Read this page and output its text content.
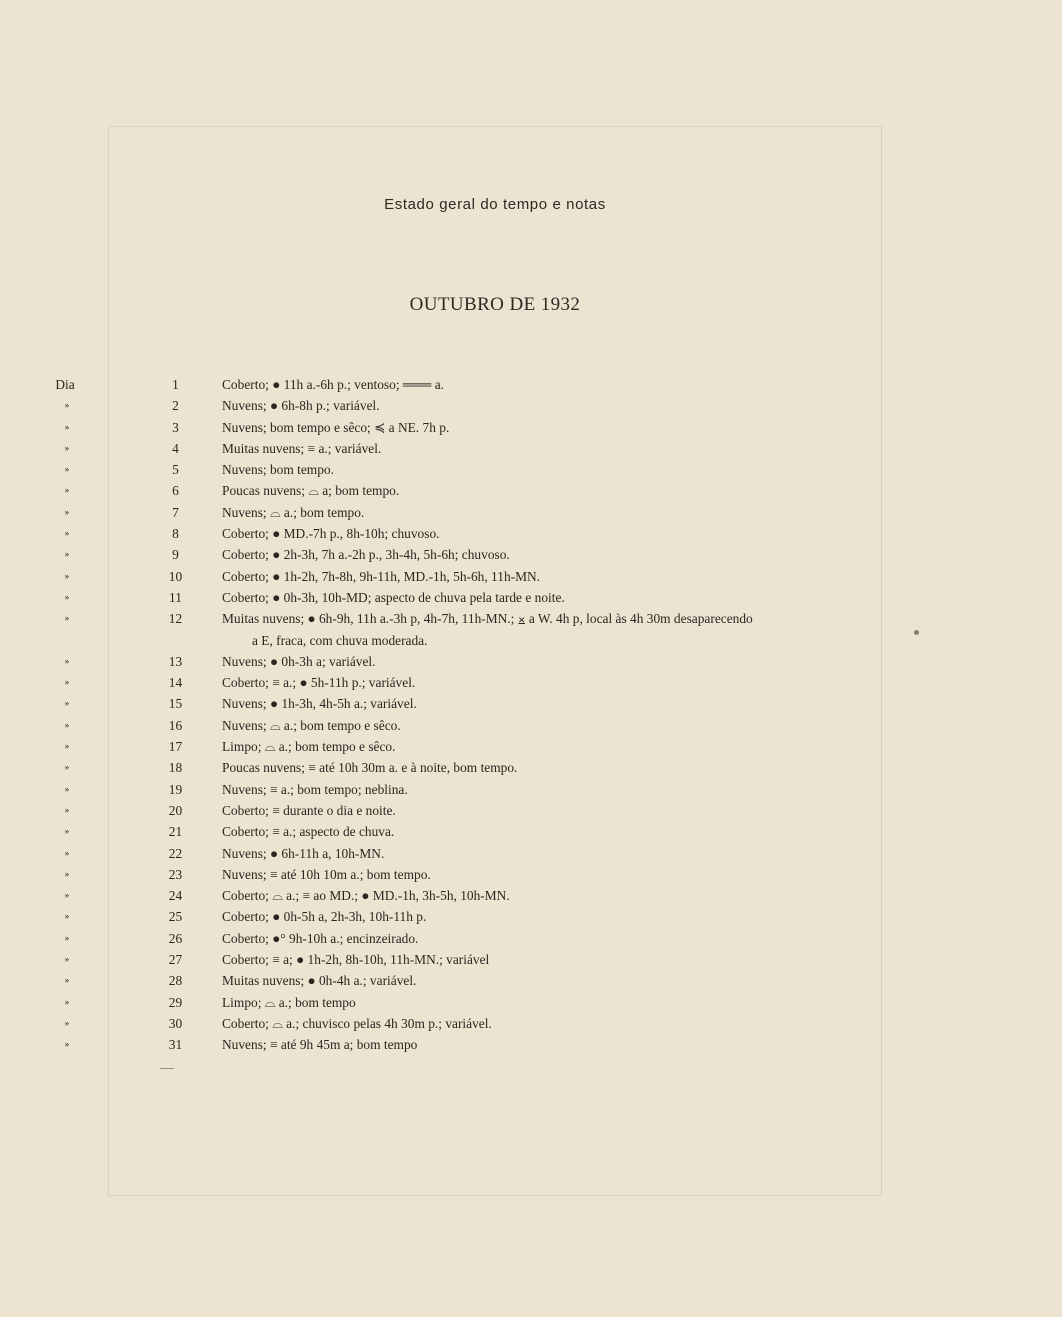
Estado geral do tempo e notas
OUTUBRO DE 1932
Dia	1	Coberto; ● 11h a.-6h p.; ventoso; ═══ a.
»	2	Nuvens; ● 6h-8h p.; variável.
»	3	Nuvens; bom tempo e sêco; ≼ a NE. 7h p.
»	4	Muitas nuvens; ≡ a.; variável.
»	5	Nuvens; bom tempo.
»	6	Poucas nuvens; ⌓ a; bom tempo.
»	7	Nuvens; ⌓ a.; bom tempo.
»	8	Coberto; ● MD.-7h p., 8h-10h; chuvoso.
»	9	Coberto; ● 2h-3h, 7h a.-2h p., 3h-4h, 5h-6h; chuvoso.
»	10	Coberto; ● 1h-2h, 7h-8h, 9h-11h, MD.-1h, 5h-6h, 11h-MN.
»	11	Coberto; ● 0h-3h, 10h-MD; aspecto de chuva pela tarde e noite.
»	12	Muitas nuvens; ● 6h-9h, 11h a.-3h p, 4h-7h, 11h-MN.; ⨱ a W. 4h p, local às 4h 30m desaparecendo
a E, fraca, com chuva moderada.
»	13	Nuvens; ● 0h-3h a; variável.
»	14	Coberto; ≡ a.; ● 5h-11h p.; variável.
»	15	Nuvens; ● 1h-3h, 4h-5h a.; variável.
»	16	Nuvens; ⌓ a.; bom tempo e sêco.
»	17	Limpo; ⌓ a.; bom tempo e sêco.
»	18	Poucas nuvens; ≡ até 10h 30m a. e à noite, bom tempo.
»	19	Nuvens; ≡ a.; bom tempo; neblina.
»	20	Coberto; ≡ durante o dia e noite.
»	21	Coberto; ≡ a.; aspecto de chuva.
»	22	Nuvens; ● 6h-11h a, 10h-MN.
»	23	Nuvens; ≡ até 10h 10m a.; bom tempo.
»	24	Coberto; ⌓ a.; ≡ ao MD.; ● MD.-1h, 3h-5h, 10h-MN.
»	25	Coberto; ● 0h-5h a, 2h-3h, 10h-11h p.
»	26	Coberto; ●° 9h-10h a.; encinzeirado.
»	27	Coberto; ≡ a; ● 1h-2h, 8h-10h, 11h-MN.; variável
»	28	Muitas nuvens; ● 0h-4h a.; variável.
»	29	Limpo; ⌓ a.; bom tempo
»	30	Coberto; ⌓ a.; chuvisco pelas 4h 30m p.; variável.
»	31	Nuvens; ≡ até 9h 45m a; bom tempo
